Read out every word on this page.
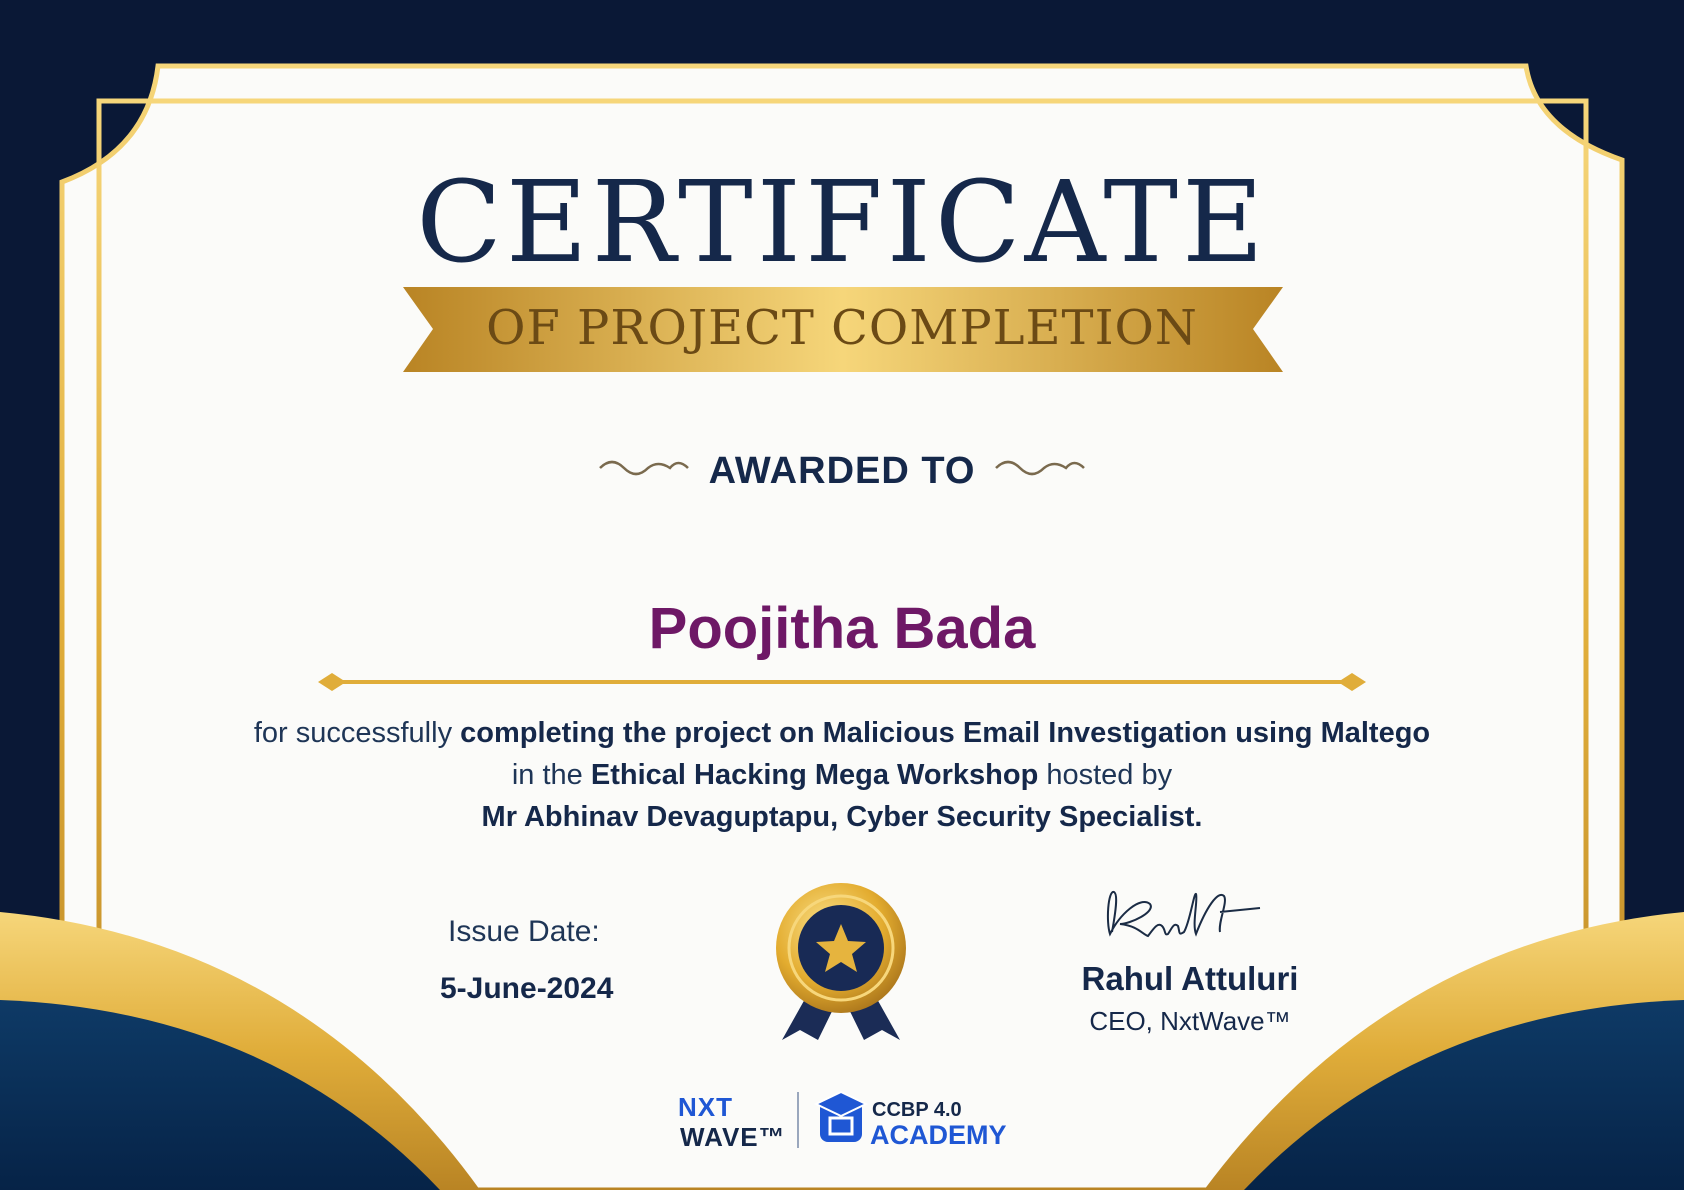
CERTIFICATE
OF PROJECT COMPLETION
AWARDED TO
Poojitha Bada
for successfully completing the project on Malicious Email Investigation using Maltego in the Ethical Hacking Mega Workshop hosted by
Mr Abhinav Devaguptapu, Cyber Security Specialist.
Issue Date:
5-June-2024	Rahul Attuluri
CEO, NxtWave™
NXT
WAVE™
CCBP 4.0
ACADEMY
